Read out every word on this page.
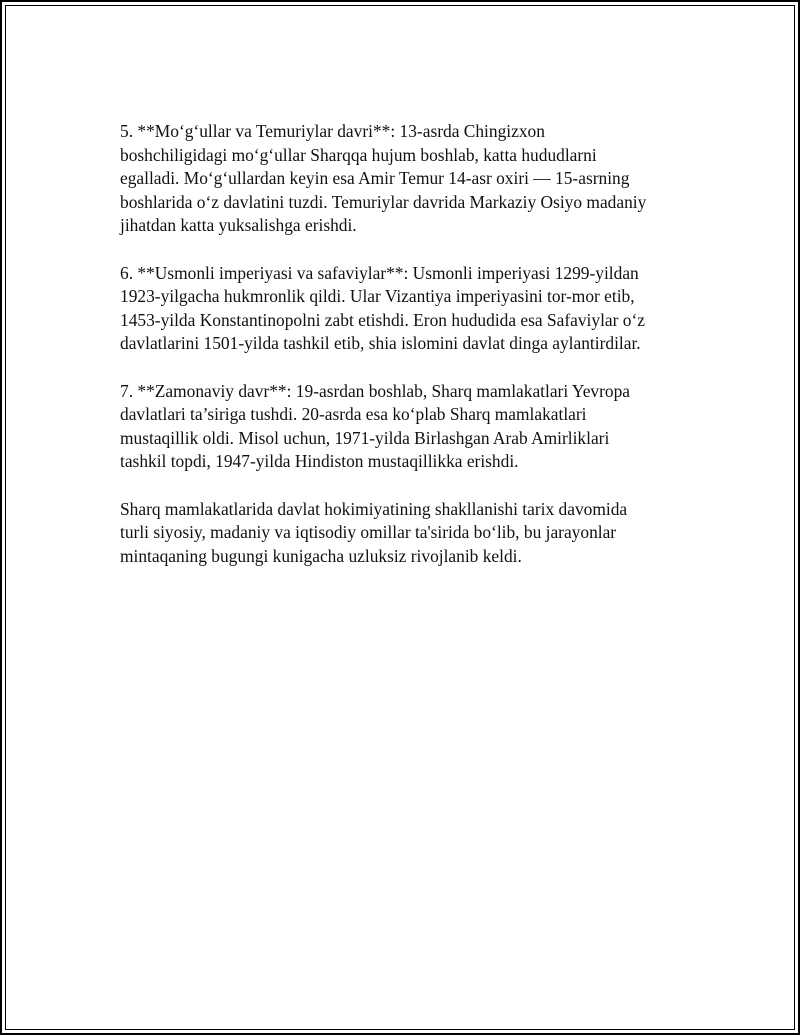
5. **Mo‘g‘ullar va Temuriylar davri**: 13-asrda Chingizxon
boshchiligidagi mo‘g‘ullar Sharqqa hujum boshlab, katta hududlarni
egalladi. Mo‘g‘ullardan keyin esa Amir Temur 14-asr oxiri — 15-asrning
boshlarida o‘z davlatini tuzdi. Temuriylar davrida Markaziy Osiyo madaniy
jihatdan katta yuksalishga erishdi.

6. **Usmonli imperiyasi va safaviylar**: Usmonli imperiyasi 1299-yildan
1923-yilgacha hukmronlik qildi. Ular Vizantiya imperiyasini tor-mor etib,
1453-yilda Konstantinopolni zabt etishdi. Eron hududida esa Safaviylar o‘z
davlatlarini 1501-yilda tashkil etib, shia islomini davlat dinga aylantirdilar.

7. **Zamonaviy davr**: 19-asrdan boshlab, Sharq mamlakatlari Yevropa
davlatlari ta’siriga tushdi. 20-asrda esa ko‘plab Sharq mamlakatlari
mustaqillik oldi. Misol uchun, 1971-yilda Birlashgan Arab Amirliklari
tashkil topdi, 1947-yilda Hindiston mustaqillikka erishdi.

Sharq mamlakatlarida davlat hokimiyatining shakllanishi tarix davomida
turli siyosiy, madaniy va iqtisodiy omillar ta'sirida bo‘lib, bu jarayonlar
mintaqaning bugungi kunigacha uzluksiz rivojlanib keldi.
